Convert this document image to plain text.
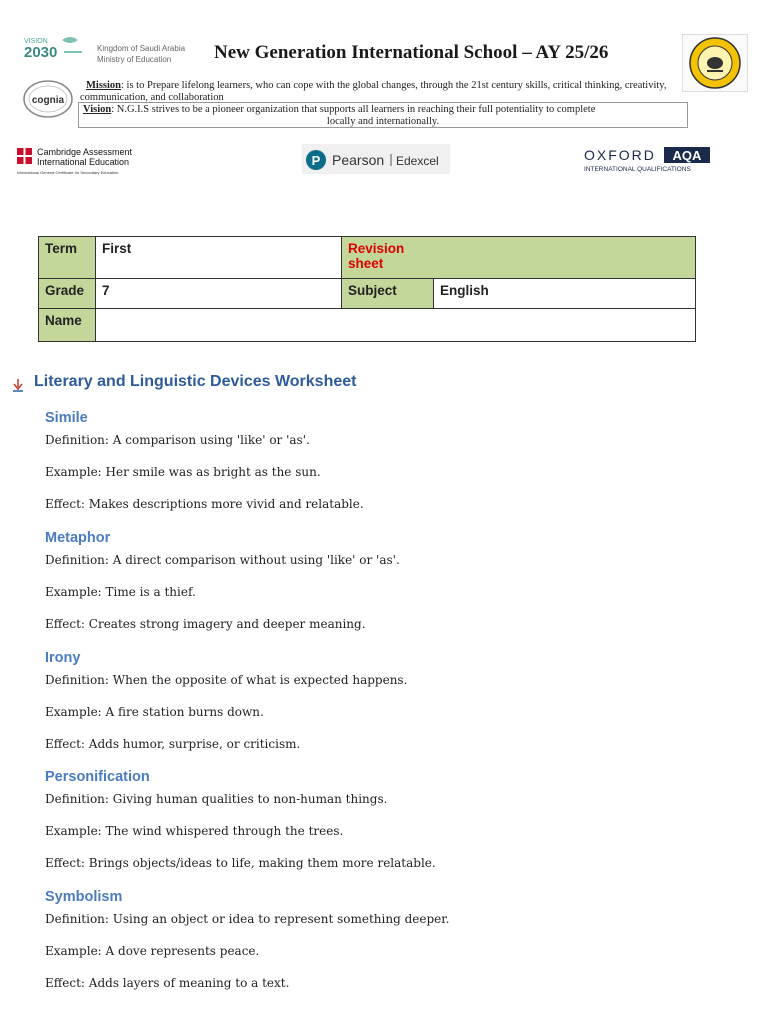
VISION
2030	Kingdom of Saudi Arabia
Ministry of Education	New Generation International School – AY 25/26
cognia
Mission: is to Prepare lifelong learners, who can cope with the global changes, through the 21st century skills, critical thinking, creativity, communication, and collaboration
Vision: N.G.I.S strives to be a pioneer organization that supports all learners in reaching their full potentiality to complete
locally and internationally.
Cambridge Assessment
International Education
International General Certificate for Secondary Education
P Pearson Edexcel	OXFORD AQA
INTERNATIONAL QUALIFICATIONS
Term	First	Revision sheet	

Grade	7	Subject	English
Name			
Literary and Linguistic Devices Worksheet
Simile
Definition: A comparison using 'like' or 'as'.
Example: Her smile was as bright as the sun.
Effect: Makes descriptions more vivid and relatable.
Metaphor
Definition: A direct comparison without using 'like' or 'as'.
Example: Time is a thief.
Effect: Creates strong imagery and deeper meaning.
Irony
Definition: When the opposite of what is expected happens.
Example: A fire station burns down.
Effect: Adds humor, surprise, or criticism.
Personification
Definition: Giving human qualities to non-human things.
Example: The wind whispered through the trees.
Effect: Brings objects/ideas to life, making them more relatable.
Symbolism
Definition: Using an object or idea to represent something deeper.
Example: A dove represents peace.
Effect: Adds layers of meaning to a text.
